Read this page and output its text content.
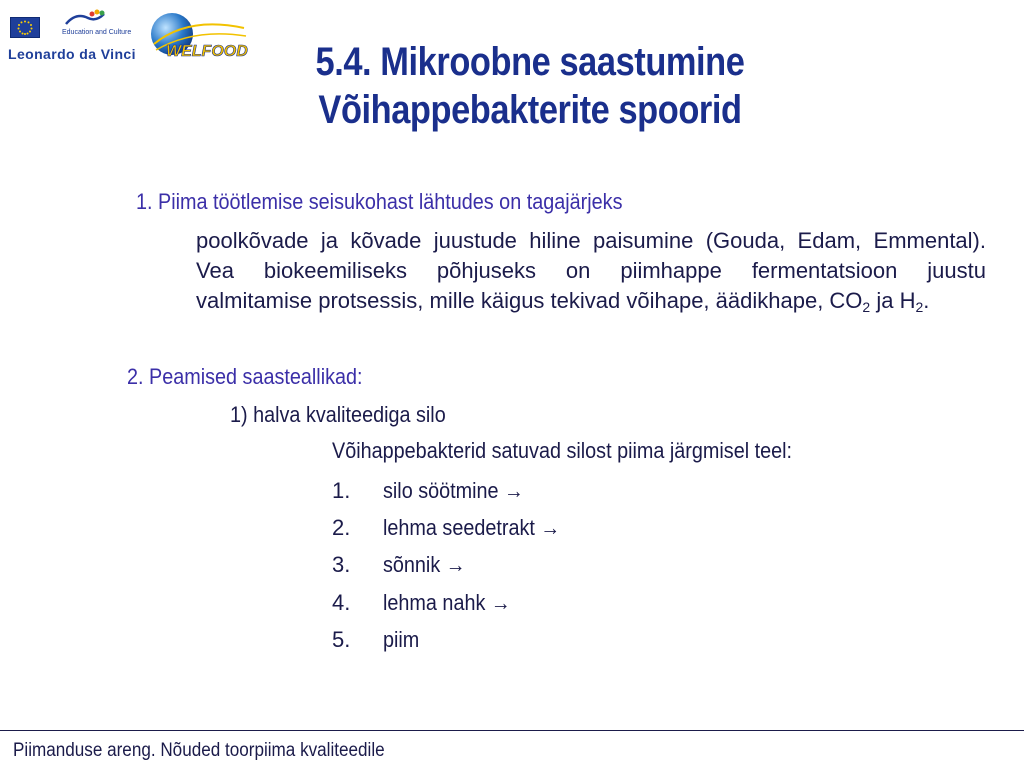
Education and Culture
Leonardo da Vinci WELFOOD	5.4. Mikroobne saastumine
Võihappebakterite spoorid
1. Piima töötlemise seisukohast lähtudes on tagajärjeks
poolkõvade ja kõvade juustude hiline paisumine (Gouda, Edam, Emmental).
Vea biokeemiliseks põhjuseks on piimhappe fermentatsioon juustu
valmitamise protsessis, mille käigus tekivad võihape, äädikhape, $CO_2$ ja $H_2$.
2. Peamised saasteallikad:
1) halva kvaliteediga silo
Võihappebakterid satuvad silost piima järgmisel teel:
1.	silo söötmine →
2.	lehma seedetrakt →
3.	sõnnik →
4.	lehma nahk →
5.	piim
Piimanduse areng. Nõuded toorpiima kvaliteedile
